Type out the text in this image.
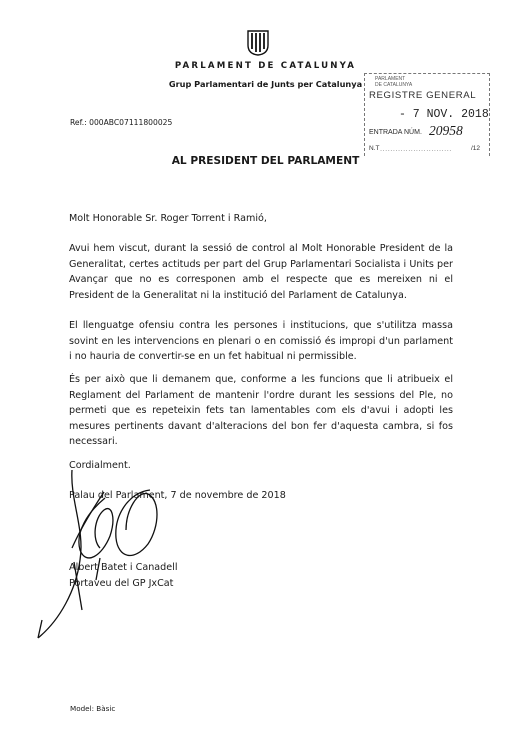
PARLAMENT DE CATALUNYA
Grup Parlamentari de Junts per Catalunya	PARLAMENT
DE CATALUNYA
REGISTRE GENERAL
- 7 NOV. 2018
ENTRADA NÚM. 20958
N.T ............................	/12
Ref.: 000ABC07111800025
AL PRESIDENT DEL PARLAMENT
Molt Honorable Sr. Roger Torrent i Ramió,
Avui hem viscut, durant la sessió de control al Molt Honorable President de la Generalitat, certes actituds per part del Grup Parlamentari Socialista i Units per Avançar que no es corresponen amb el respecte que es mereixen ni el President de la Generalitat ni la institució del Parlament de Catalunya.
El llenguatge ofensiu contra les persones i institucions, que s'utilitza massa sovint en les intervencions en plenari o en comissió és impropi d'un parlament i no hauria de convertir-se en un fet habitual ni permissible.
És per això que li demanem que, conforme a les funcions que li atribueix el Reglament del Parlament de mantenir l'ordre durant les sessions del Ple, no permeti que es repeteixin fets tan lamentables com els d'avui i adopti les mesures pertinents davant d'alteracions del bon fer d'aquesta cambra, si fos necessari.
Cordialment.
Palau del Parlament, 7 de novembre de 2018
Albert Batet i Canadell
Portaveu del GP JxCat
Model: Bàsic
